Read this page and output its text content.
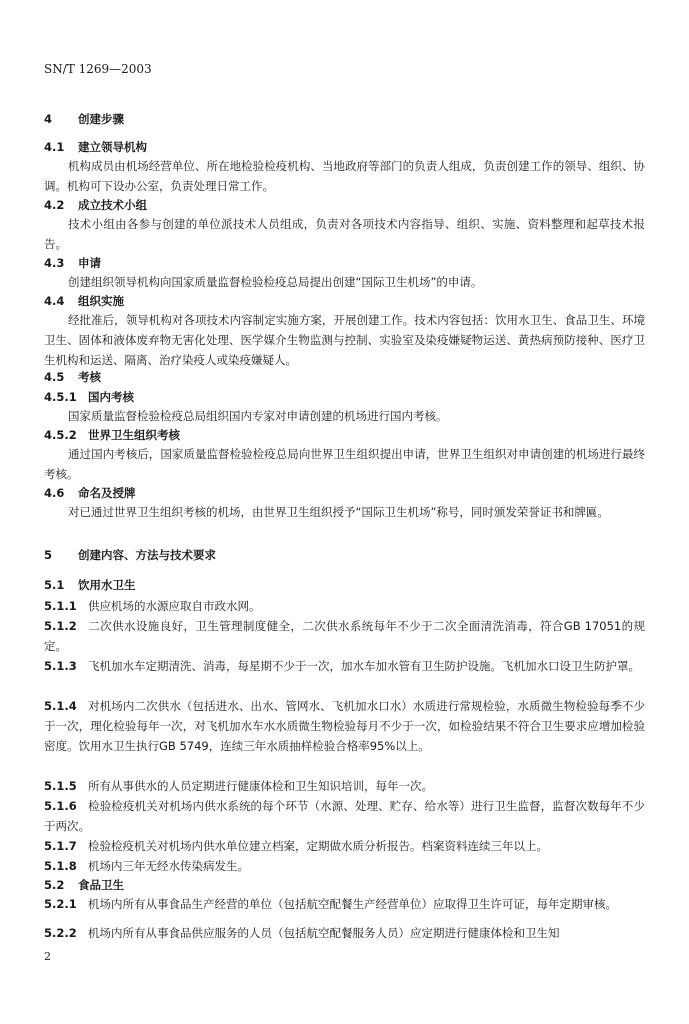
SN/T 1269—2003
4 创建步骤
4.1 建立领导机构
机构成员由机场经营单位、所在地检验检疫机构、当地政府等部门的负责人组成，负责创建工作的领导、组织、协调。机构可下设办公室，负责处理日常工作。
4.2 成立技术小组
技术小组由各参与创建的单位派技术人员组成，负责对各项技术内容指导、组织、实施、资料整理和起草技术报告。
4.3 申请
创建组织领导机构向国家质量监督检验检疫总局提出创建“国际卫生机场”的申请。
4.4 组织实施
经批准后，领导机构对各项技术内容制定实施方案，开展创建工作。技术内容包括：饮用水卫生、食品卫生、环境卫生、固体和液体废弃物无害化处理、医学媒介生物监测与控制、实验室及染疫嫌疑物运送、黄热病预防接种、医疗卫生机构和运送、隔离、治疗染疫人或染疫嫌疑人。
4.5 考核
4.5.1 国内考核
国家质量监督检验检疫总局组织国内专家对申请创建的机场进行国内考核。
4.5.2 世界卫生组织考核
通过国内考核后，国家质量监督检验检疫总局向世界卫生组织提出申请，世界卫生组织对申请创建的机场进行最终考核。
4.6 命名及授牌
对已通过世界卫生组织考核的机场，由世界卫生组织授予“国际卫生机场”称号，同时颁发荣誉证书和牌匾。
5 创建内容、方法与技术要求
5.1 饮用水卫生
5.1.1 供应机场的水源应取自市政水网。
5.1.2 二次供水设施良好，卫生管理制度健全，二次供水系统每年不少于二次全面清洗消毒，符合GB 17051的规定。
5.1.3 飞机加水车定期清洗、消毒，每星期不少于一次，加水车加水管有卫生防护设施。飞机加水口设卫生防护罩。
5.1.4 对机场内二次供水（包括进水、出水、管网水、飞机加水口水）水质进行常规检验，水质微生物检验每季不少于一次，理化检验每年一次，对飞机加水车水水质微生物检验每月不少于一次，如检验结果不符合卫生要求应增加检验密度。饮用水卫生执行GB 5749，连续三年水质抽样检验合格率95%以上。
5.1.5 所有从事供水的人员定期进行健康体检和卫生知识培训，每年一次。
5.1.6 检验检疫机关对机场内供水系统的每个环节（水源、处理、贮存、给水等）进行卫生监督，监督次数每年不少于两次。
5.1.7 检验检疫机关对机场内供水单位建立档案，定期做水质分析报告。档案资料连续三年以上。
5.1.8 机场内三年无经水传染病发生。
5.2 食品卫生
5.2.1 机场内所有从事食品生产经营的单位（包括航空配餐生产经营单位）应取得卫生许可证，每年定期审核。
5.2.2 机场内所有从事食品供应服务的人员（包括航空配餐服务人员）应定期进行健康体检和卫生知
2
